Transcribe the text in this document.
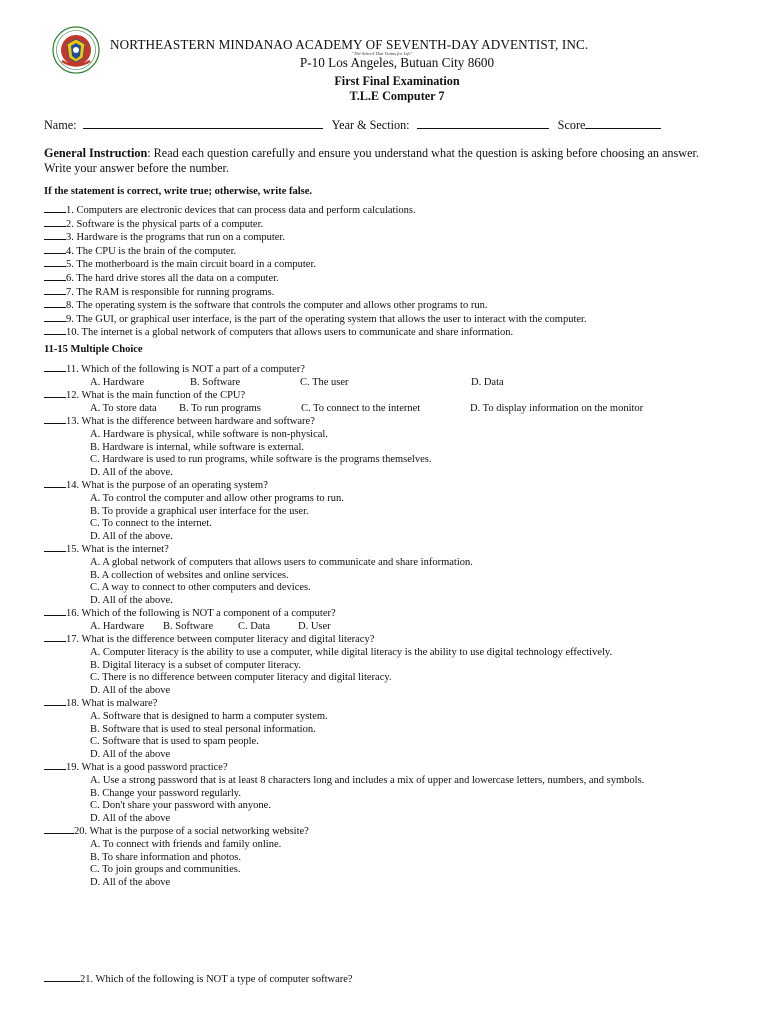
NORTHEASTERN MINDANAO ACADEMY OF SEVENTH-DAY ADVENTIST, INC.
"The School That Trains for Life"
P-10 Los Angeles, Butuan City 8600
First Final Examination
T.L.E Computer 7
Name:	Year & Section:	Score
General Instruction: Read each question carefully and ensure you understand what the question is asking before choosing an answer. Write your answer before the number.
If the statement is correct, write true; otherwise, write false.
1. Computers are electronic devices that can process data and perform calculations.
2. Software is the physical parts of a computer.
3. Hardware is the programs that run on a computer.
4. The CPU is the brain of the computer.
5. The motherboard is the main circuit board in a computer.
6. The hard drive stores all the data on a computer.
7. The RAM is responsible for running programs.
8. The operating system is the software that controls the computer and allows other programs to run.
9. The GUI, or graphical user interface, is the part of the operating system that allows the user to interact with the computer.
10. The internet is a global network of computers that allows users to communicate and share information.
11-15 Multiple Choice
11. Which of the following is NOT a part of a computer?
A. Hardware	B. Software	C. The user	D. Data
12. What is the main function of the CPU?
A. To store data B. To run programs	C. To connect to the internet	D. To display information on the monitor
13. What is the difference between hardware and software?
A. Hardware is physical, while software is non-physical.
B. Hardware is internal, while software is external.
C. Hardware is used to run programs, while software is the programs themselves.
D. All of the above.
14. What is the purpose of an operating system?
A. To control the computer and allow other programs to run.
B. To provide a graphical user interface for the user.
C. To connect to the internet.
D. All of the above.
15. What is the internet?
A. A global network of computers that allows users to communicate and share information.
B. A collection of websites and online services.
C. A way to connect to other computers and devices.
D. All of the above.
16. Which of the following is NOT a component of a computer?
A. Hardware B. Software C. Data	D. User
17. What is the difference between computer literacy and digital literacy?
A. Computer literacy is the ability to use a computer, while digital literacy is the ability to use digital technology effectively.
B. Digital literacy is a subset of computer literacy.
C. There is no difference between computer literacy and digital literacy.
D. All of the above
18. What is malware?
A. Software that is designed to harm a computer system.
B. Software that is used to steal personal information.
C. Software that is used to spam people.
D. All of the above
19. What is a good password practice?
A. Use a strong password that is at least 8 characters long and includes a mix of upper and lowercase letters, numbers, and symbols.
B. Change your password regularly.
C. Don't share your password with anyone.
D. All of the above
20. What is the purpose of a social networking website?
A. To connect with friends and family online.
B. To share information and photos.
C. To join groups and communities.
D. All of the above
21. Which of the following is NOT a type of computer software?
